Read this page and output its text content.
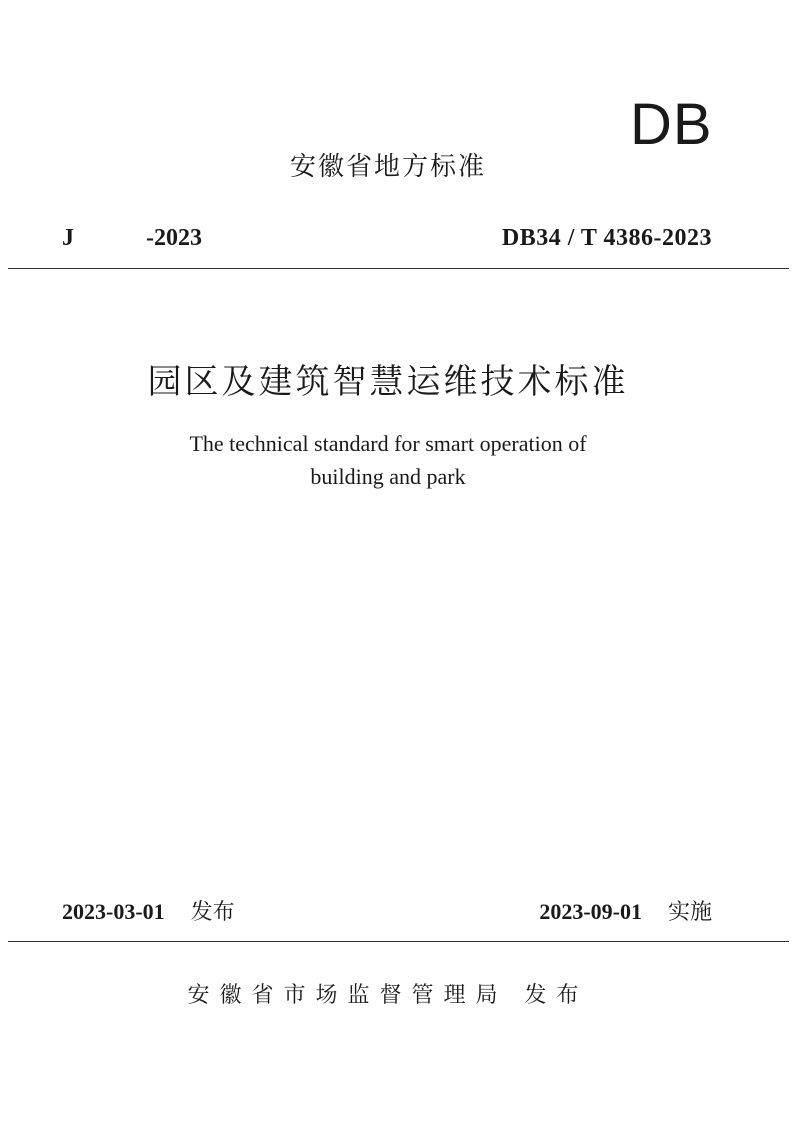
DB
安徽省地方标准
J	-2023	DB34 / T 4386-2023
园区及建筑智慧运维技术标准
The technical standard for smart operation of
building and park
2023-03-01 发布	2023-09-01 实施
安徽省市场监督管理局 发布
